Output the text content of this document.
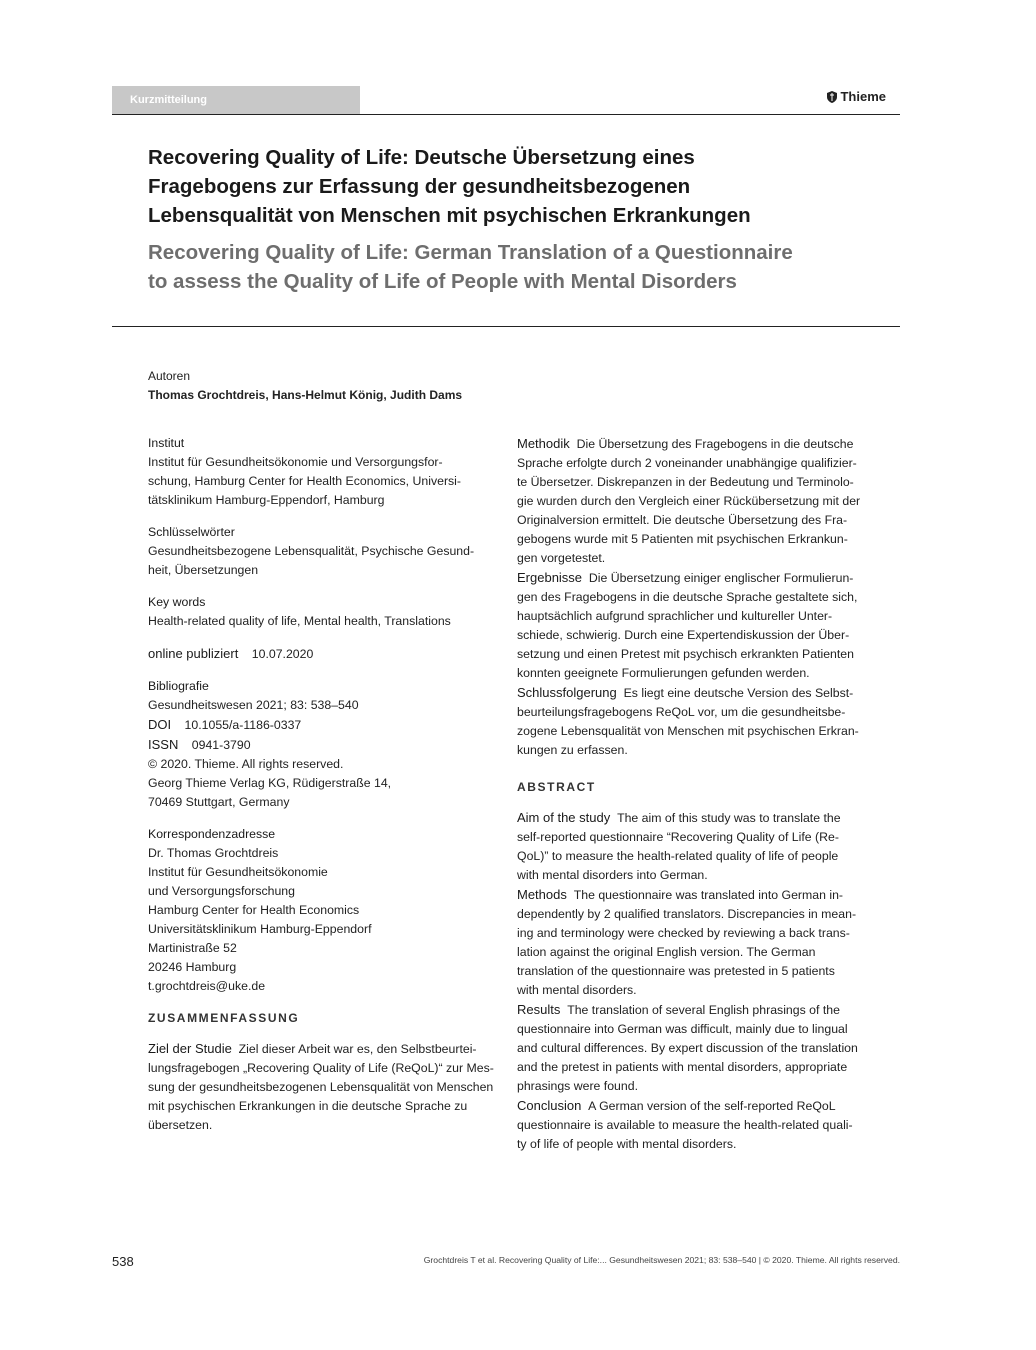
Kurzmitteilung	Thieme
Recovering Quality of Life: Deutsche Übersetzung eines
Fragebogens zur Erfassung der gesundheitsbezogenen
Lebensqualität von Menschen mit psychischen Erkrankungen
Recovering Quality of Life: German Translation of a Questionnaire
to assess the Quality of Life of People with Mental Disorders
Autoren
Thomas Grochtdreis, Hans-Helmut König, Judith Dams
Institut
Institut für Gesundheitsökonomie und Versorgungsfor-
schung, Hamburg Center for Health Economics, Universi-
tätsklinikum Hamburg-Eppendorf, Hamburg
Schlüsselwörter
Gesundheitsbezogene Lebensqualität, Psychische Gesund-
heit, Übersetzungen
Key words
Health-related quality of life, Mental health, Translations
online publiziert 10.07.2020
Bibliografie
Gesundheitswesen 2021; 83: 538–540
DOI 10.1055/a-1186-0337
ISSN 0941-3790
© 2020. Thieme. All rights reserved.
Georg Thieme Verlag KG, Rüdigerstraße 14,
70469 Stuttgart, Germany
Korrespondenzadresse
Dr. Thomas Grochtdreis
Institut für Gesundheitsökonomie
und Versorgungsforschung
Hamburg Center for Health Economics
Universitätsklinikum Hamburg-Eppendorf
Martinistraße 52
20246 Hamburg
t.grochtdreis@uke.de
ZUSAMMENFASSUNG
Ziel der Studie Ziel dieser Arbeit war es, den Selbstbeurtei-
lungsfragebogen „Recovering Quality of Life (ReQoL)“ zur Mes-
sung der gesundheitsbezogenen Lebensqualität von Menschen
mit psychischen Erkrankungen in die deutsche Sprache zu
übersetzen.
Methodik Die Übersetzung des Fragebogens in die deutsche
Sprache erfolgte durch 2 voneinander unabhängige qualifizier-
te Übersetzer. Diskrepanzen in der Bedeutung und Terminolo-
gie wurden durch den Vergleich einer Rückübersetzung mit der
Originalversion ermittelt. Die deutsche Übersetzung des Fra-
gebogens wurde mit 5 Patienten mit psychischen Erkrankun-
gen vorgetestet.
Ergebnisse Die Übersetzung einiger englischer Formulierun-
gen des Fragebogens in die deutsche Sprache gestaltete sich,
hauptsächlich aufgrund sprachlicher und kultureller Unter-
schiede, schwierig. Durch eine Expertendiskussion der Über-
setzung und einen Pretest mit psychisch erkrankten Patienten
konnten geeignete Formulierungen gefunden werden.
Schlussfolgerung Es liegt eine deutsche Version des Selbst-
beurteilungsfragebogens ReQoL vor, um die gesundheitsbe-
zogene Lebensqualität von Menschen mit psychischen Erkran-
kungen zu erfassen.
ABSTRACT
Aim of the study The aim of this study was to translate the
self-reported questionnaire “Recovering Quality of Life (Re-
QoL)” to measure the health-related quality of life of people
with mental disorders into German.
Methods The questionnaire was translated into German in-
dependently by 2 qualified translators. Discrepancies in mean-
ing and terminology were checked by reviewing a back trans-
lation against the original English version. The German
translation of the questionnaire was pretested in 5 patients
with mental disorders.
Results The translation of several English phrasings of the
questionnaire into German was difficult, mainly due to lingual
and cultural differences. By expert discussion of the translation
and the pretest in patients with mental disorders, appropriate
phrasings were found.
Conclusion A German version of the self-reported ReQoL
questionnaire is available to measure the health-related quali-
ty of life of people with mental disorders.
538	Grochtdreis T et al. Recovering Quality of Life:... Gesundheitswesen 2021; 83: 538–540 | © 2020. Thieme. All rights reserved.
